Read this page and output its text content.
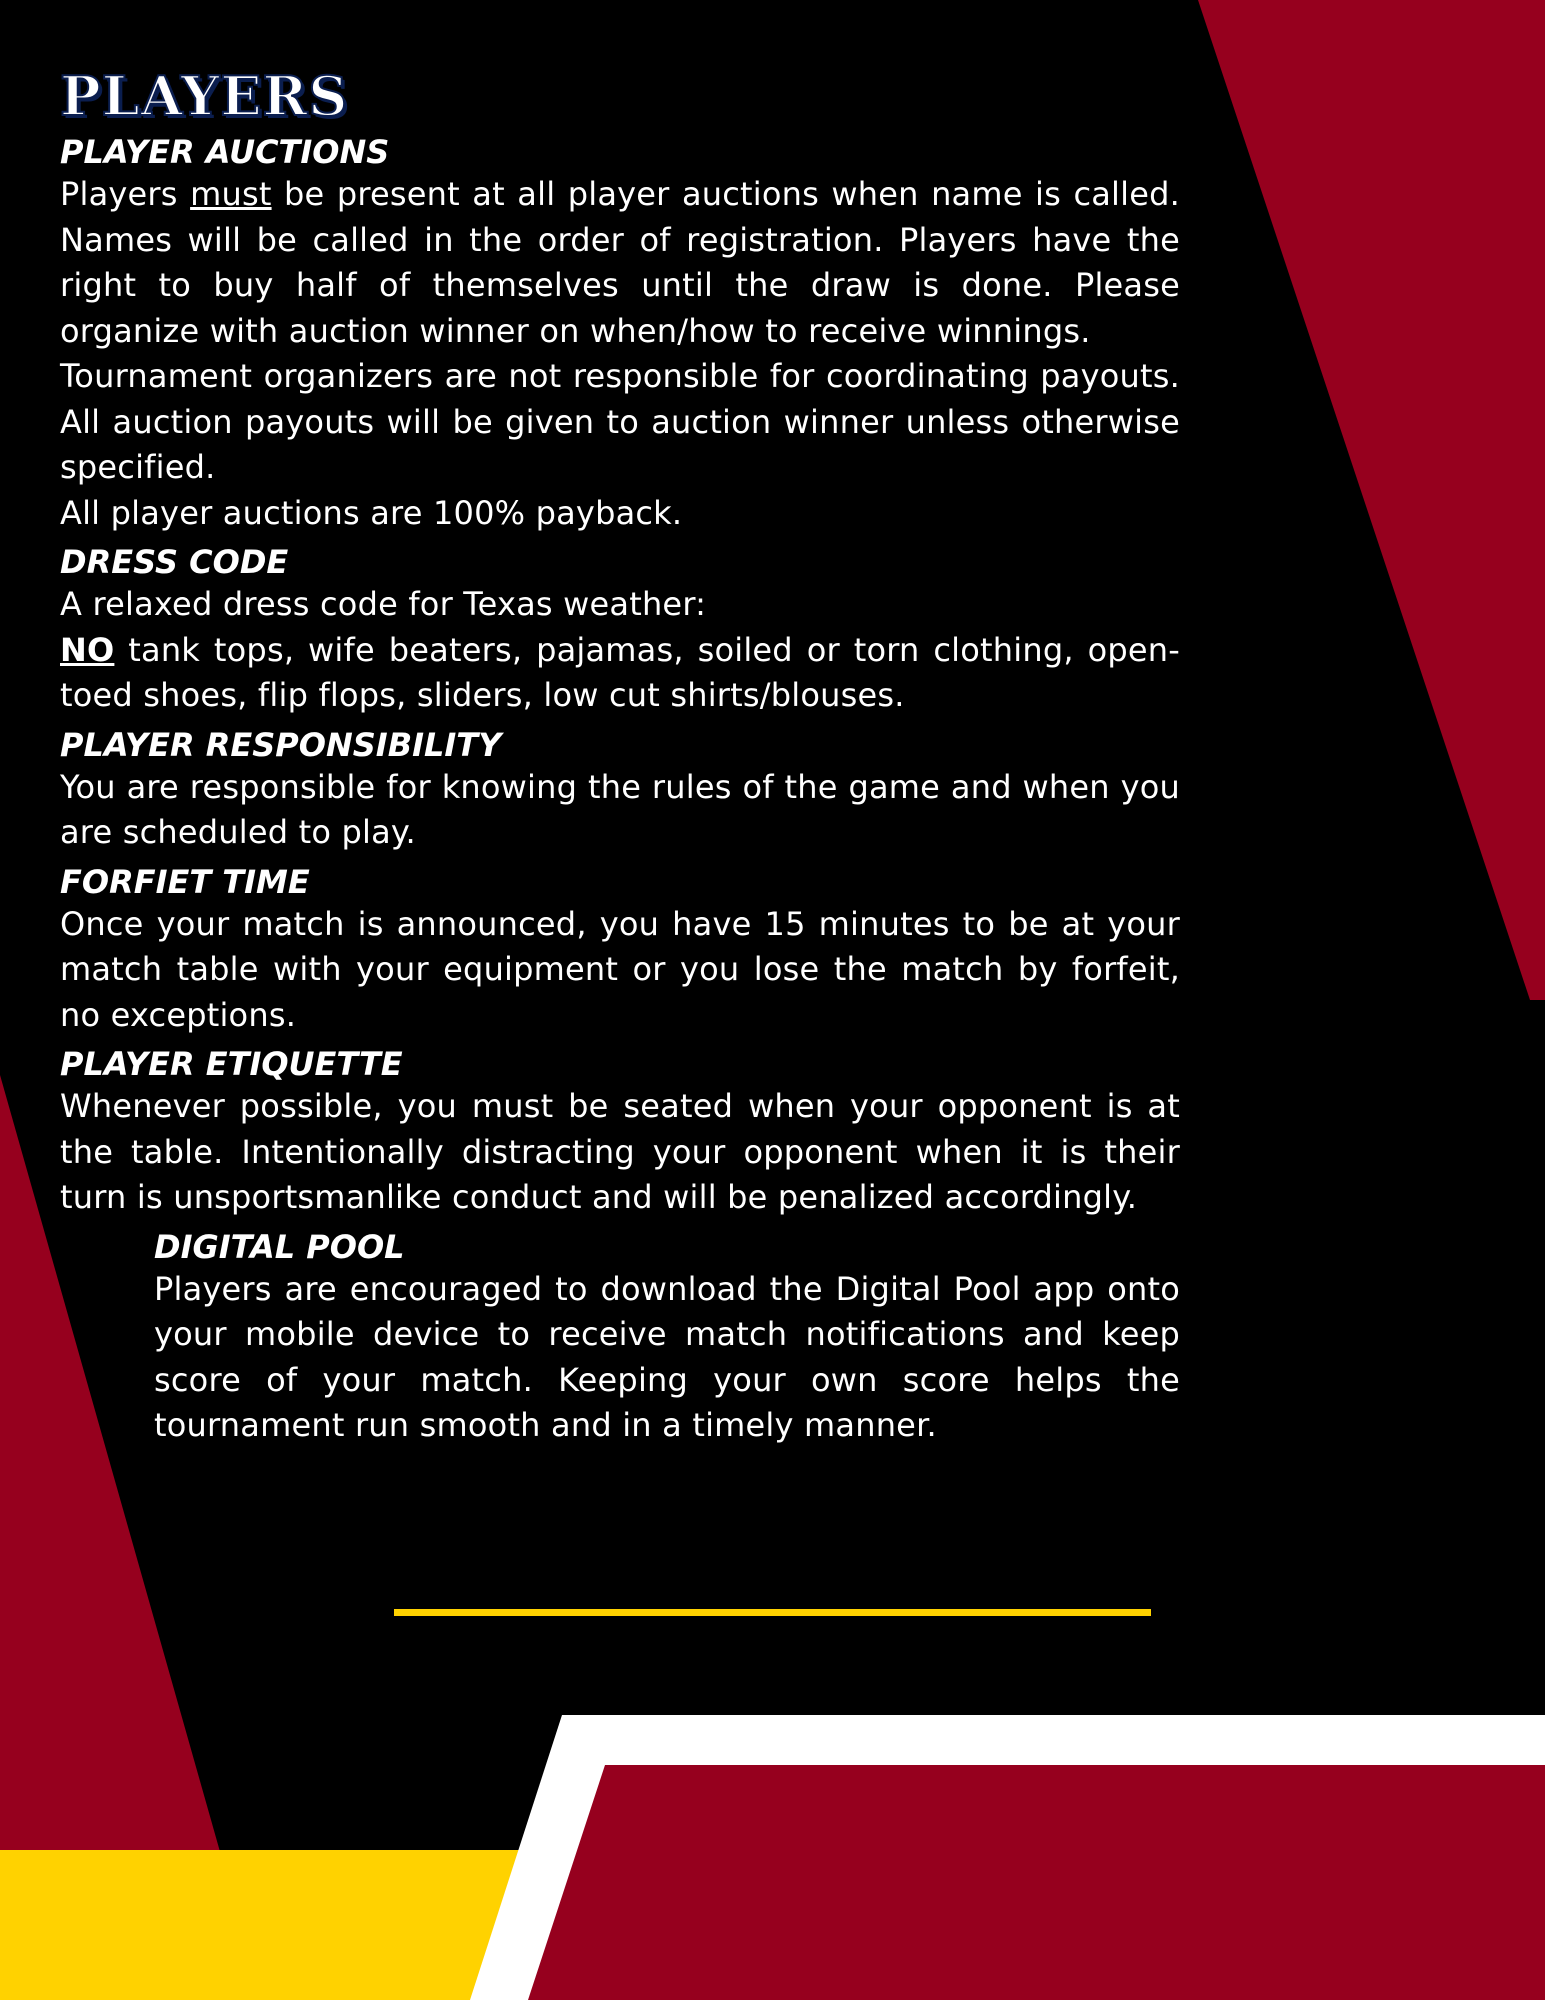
PLAYERS
PLAYER AUCTIONS

Players must be present at all player auctions when name is called. Names will be called in the order of registration. Players have the right to buy half of themselves until the draw is done. Please organize with auction winner on when/how to receive winnings.

Tournament organizers are not responsible for coordinating payouts. All auction payouts will be given to auction winner unless otherwise specified.

All player auctions are 100% payback.

DRESS CODE

A relaxed dress code for Texas weather:

NO tank tops, wife beaters, pajamas, soiled or torn clothing, open-toed shoes, flip flops, sliders, low cut shirts/blouses.

PLAYER RESPONSIBILITY

You are responsible for knowing the rules of the game and when you are scheduled to play.

FORFIET TIME

Once your match is announced, you have 15 minutes to be at your match table with your equipment or you lose the match by forfeit, no exceptions.

PLAYER ETIQUETTE

Whenever possible, you must be seated when your opponent is at the table. Intentionally distracting your opponent when it is their turn is unsportsmanlike conduct and will be penalized accordingly.

DIGITAL POOL

Players are encouraged to download the Digital Pool app onto your mobile device to receive match notifications and keep score of your match. Keeping your own score helps the tournament run smooth and in a timely manner.
